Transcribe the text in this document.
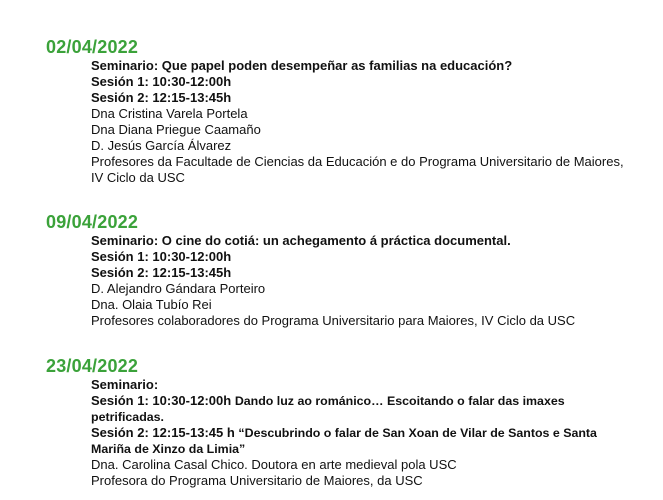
02/04/2022
Seminario: Que papel poden desempeñar as familias na educación?
Sesión 1: 10:30-12:00h
Sesión 2: 12:15-13:45h
Dna Cristina Varela Portela
Dna Diana Priegue Caamaño
D. Jesús García Álvarez
Profesores da Facultade de Ciencias da Educación e do Programa Universitario de Maiores, IV Ciclo da USC
09/04/2022
Seminario: O cine do cotiá: un achegamento á práctica documental.
Sesión 1: 10:30-12:00h
Sesión 2: 12:15-13:45h
D. Alejandro Gándara Porteiro
Dna. Olaia Tubío Rei
Profesores colaboradores do Programa Universitario para Maiores, IV Ciclo da USC
23/04/2022
Seminario:
Sesión 1: 10:30-12:00h Dando luz ao románico… Escoitando o falar das imaxes petrificadas.
Sesión 2: 12:15-13:45 h “Descubrindo o falar de San Xoan de Vilar de Santos e Santa Mariña de Xinzo da Limia”
Dna. Carolina Casal Chico. Doutora en arte medieval pola USC
Profesora do Programa Universitario de Maiores, da USC
